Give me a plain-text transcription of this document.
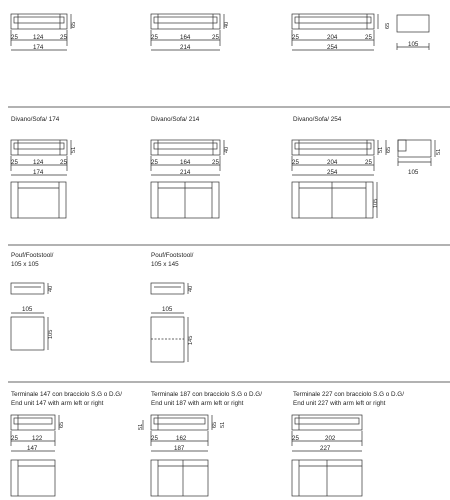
Divano/Sofa/ 174	Divano/Sofa/ 214	Divano/Sofa/ 254
Pouf/Footstool/
105 x 105
Pouf/Footstool/
105 x 145
Terminale 147 con bracciolo S.G o D.G/
End unit 147 with arm left or right
Terminale 187 con bracciolo S.G o D.G/
End unit 187 with arm left or right
Terminale 227 con bracciolo S.G o D.G/
End unit 227 with arm left or right
25 124	25
174
25	164	25
214
25	204	25
254	105
25 124	25
174
25	164	25
214
25	204	25
254	105
105	105
25 122
147
25	162
187
25	202
227
65	40	65
51	40	51 65
105
51
40
105
40
145
65	51	65 51
